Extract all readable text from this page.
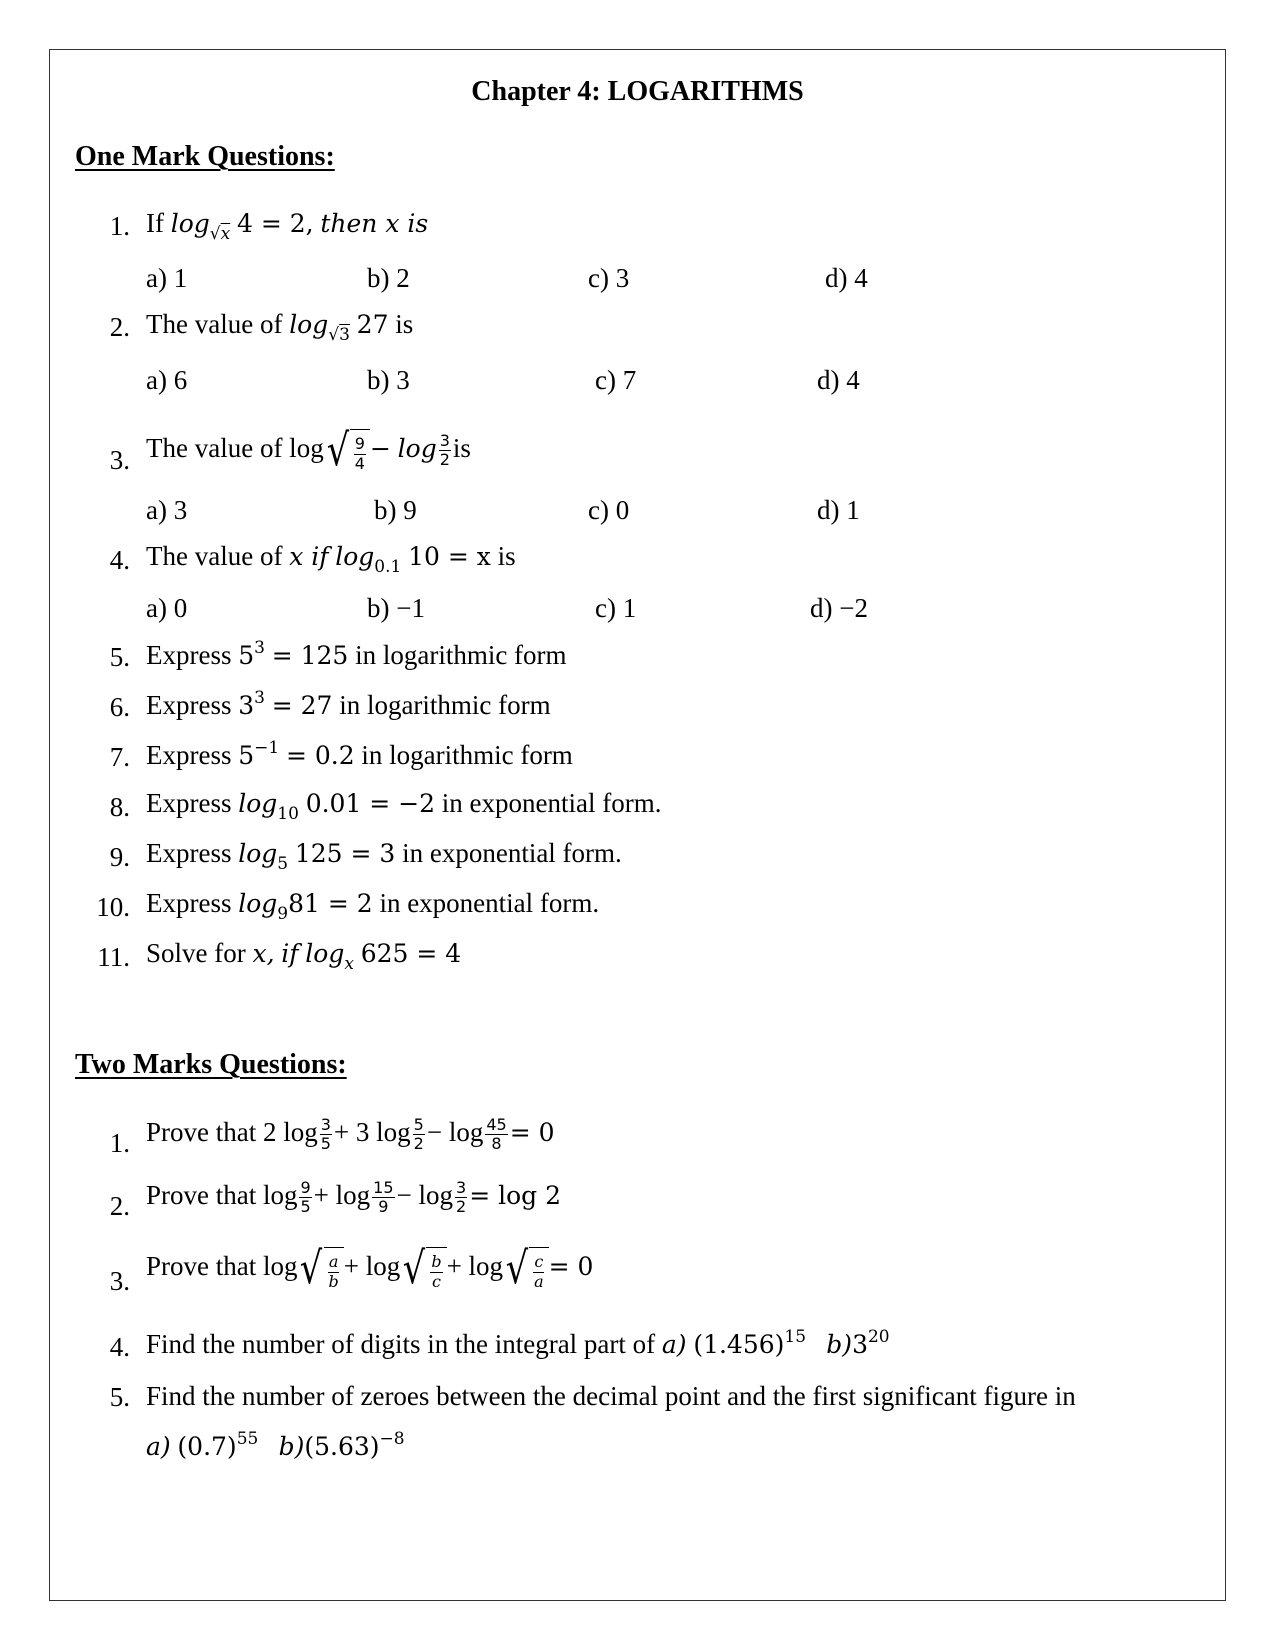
Chapter 4: LOGARITHMS
One Mark Questions:
1. If $\log_{√x} 4 = 2$, then x is
a) 1	b) 2	c) 3	d) 4
2. The value of $\log_{√3} 27$ is
a) 6	b) 3	c) 7	d) 4
3. The value of log √ $\frac{9}{4} - \log \frac{3}{2}$ is
a) 3	b) 9	c) 0	d) 1
4. The value of x if $\log_{0.1} 10 = x$ is
a) 0	b) −1	c) 1	d) −2
5. Express $5^3 = 125$ in logarithmic form
6. Express $3^3 = 27$ in logarithmic form
7. Express $5^{-1} = 0.2$ in logarithmic form
8. Express $\log_{10} 0.01 = -2$ in exponential form.
9. Express $\log_5 125 = 3$ in exponential form.
10. Express $\log_981 = 2$ in exponential form.
11. Solve for x, if $\log_x 625 = 4$
Two Marks Questions:
1. Prove that 2 $\log \frac{3}{5} + 3$ $\log \frac{5}{2} - \log \frac{45}{8} = 0$
2. Prove that $\log \frac{9}{5} + \log \frac{15}{9} - \log \frac{3}{2} = \log 2$
3. Prove that log √ $\frac{a}{b} + \log$ √ $\frac{b}{c} + \log$ √ $\frac{c}{a} = 0$
4. Find the number of digits in the integral part of a) $(1.456)^{15}$ $b)3^{20}$
5. Find the number of zeroes between the decimal point and the first significant figure in
a) $(0.7)^{55}$ $b)(5.63)^{-8}$
